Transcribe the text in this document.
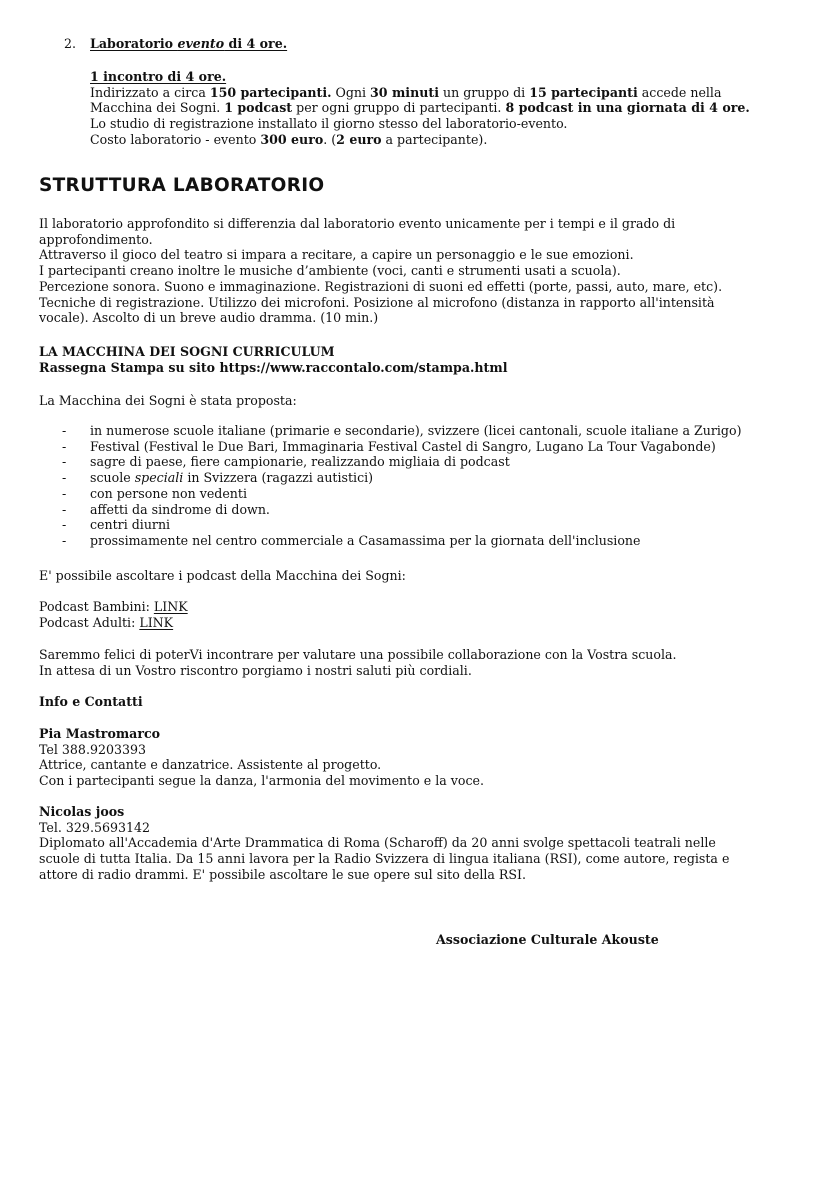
2. Laboratorio evento di 4 ore.

1 incontro di 4 ore.

Indirizzato a circa 150 partecipanti. Ogni 30 minuti un gruppo di 15 partecipanti accede nella

Macchina dei Sogni. 1 podcast per ogni gruppo di partecipanti. 8 podcast in una giornata di 4 ore.

Lo studio di registrazione installato il giorno stesso del laboratorio-evento.

Costo laboratorio - evento 300 euro. (2 euro a partecipante).

STRUTTURA LABORATORIO

Il laboratorio approfondito si differenzia dal laboratorio evento unicamente per i tempi e il grado di

approfondimento.

Attraverso il gioco del teatro si impara a recitare, a capire un personaggio e le sue emozioni.

I partecipanti creano inoltre le musiche d’ambiente (voci, canti e strumenti usati a scuola).

Percezione sonora. Suono e immaginazione. Registrazioni di suoni ed effetti (porte, passi, auto, mare, etc).

Tecniche di registrazione. Utilizzo dei microfoni. Posizione al microfono (distanza in rapporto all'intensità

vocale). Ascolto di un breve audio dramma. (10 min.)

LA MACCHINA DEI SOGNI CURRICULUM

Rassegna Stampa su sito https://www.raccontalo.com/stampa.html

La Macchina dei Sogni è stata proposta:

- in numerose scuole italiane (primarie e secondarie), svizzere (licei cantonali, scuole italiane a Zurigo)
- Festival (Festival le Due Bari, Immaginaria Festival Castel di Sangro, Lugano La Tour Vagabonde)
- sagre di paese, fiere campionarie, realizzando migliaia di podcast
- scuole speciali in Svizzera (ragazzi autistici)
- con persone non vedenti
- affetti da sindrome di down.
- centri diurni
- prossimamente nel centro commerciale a Casamassima per la giornata dell'inclusione

E' possibile ascoltare i podcast della Macchina dei Sogni:

Podcast Bambini: LINK

Podcast Adulti: LINK

Saremmo felici di poterVi incontrare per valutare una possibile collaborazione con la Vostra scuola.

In attesa di un Vostro riscontro porgiamo i nostri saluti più cordiali.

Info e Contatti

Pia Mastromarco

Tel 388.9203393

Attrice, cantante e danzatrice. Assistente al progetto.

Con i partecipanti segue la danza, l'armonia del movimento e la voce.

Nicolas joos

Tel. 329.5693142

Diplomato all'Accademia d'Arte Drammatica di Roma (Scharoff) da 20 anni svolge spettacoli teatrali nelle

scuole di tutta Italia. Da 15 anni lavora per la Radio Svizzera di lingua italiana (RSI), come autore, regista e

attore di radio drammi. E' possibile ascoltare le sue opere sul sito della RSI.

Associazione Culturale Akouste
